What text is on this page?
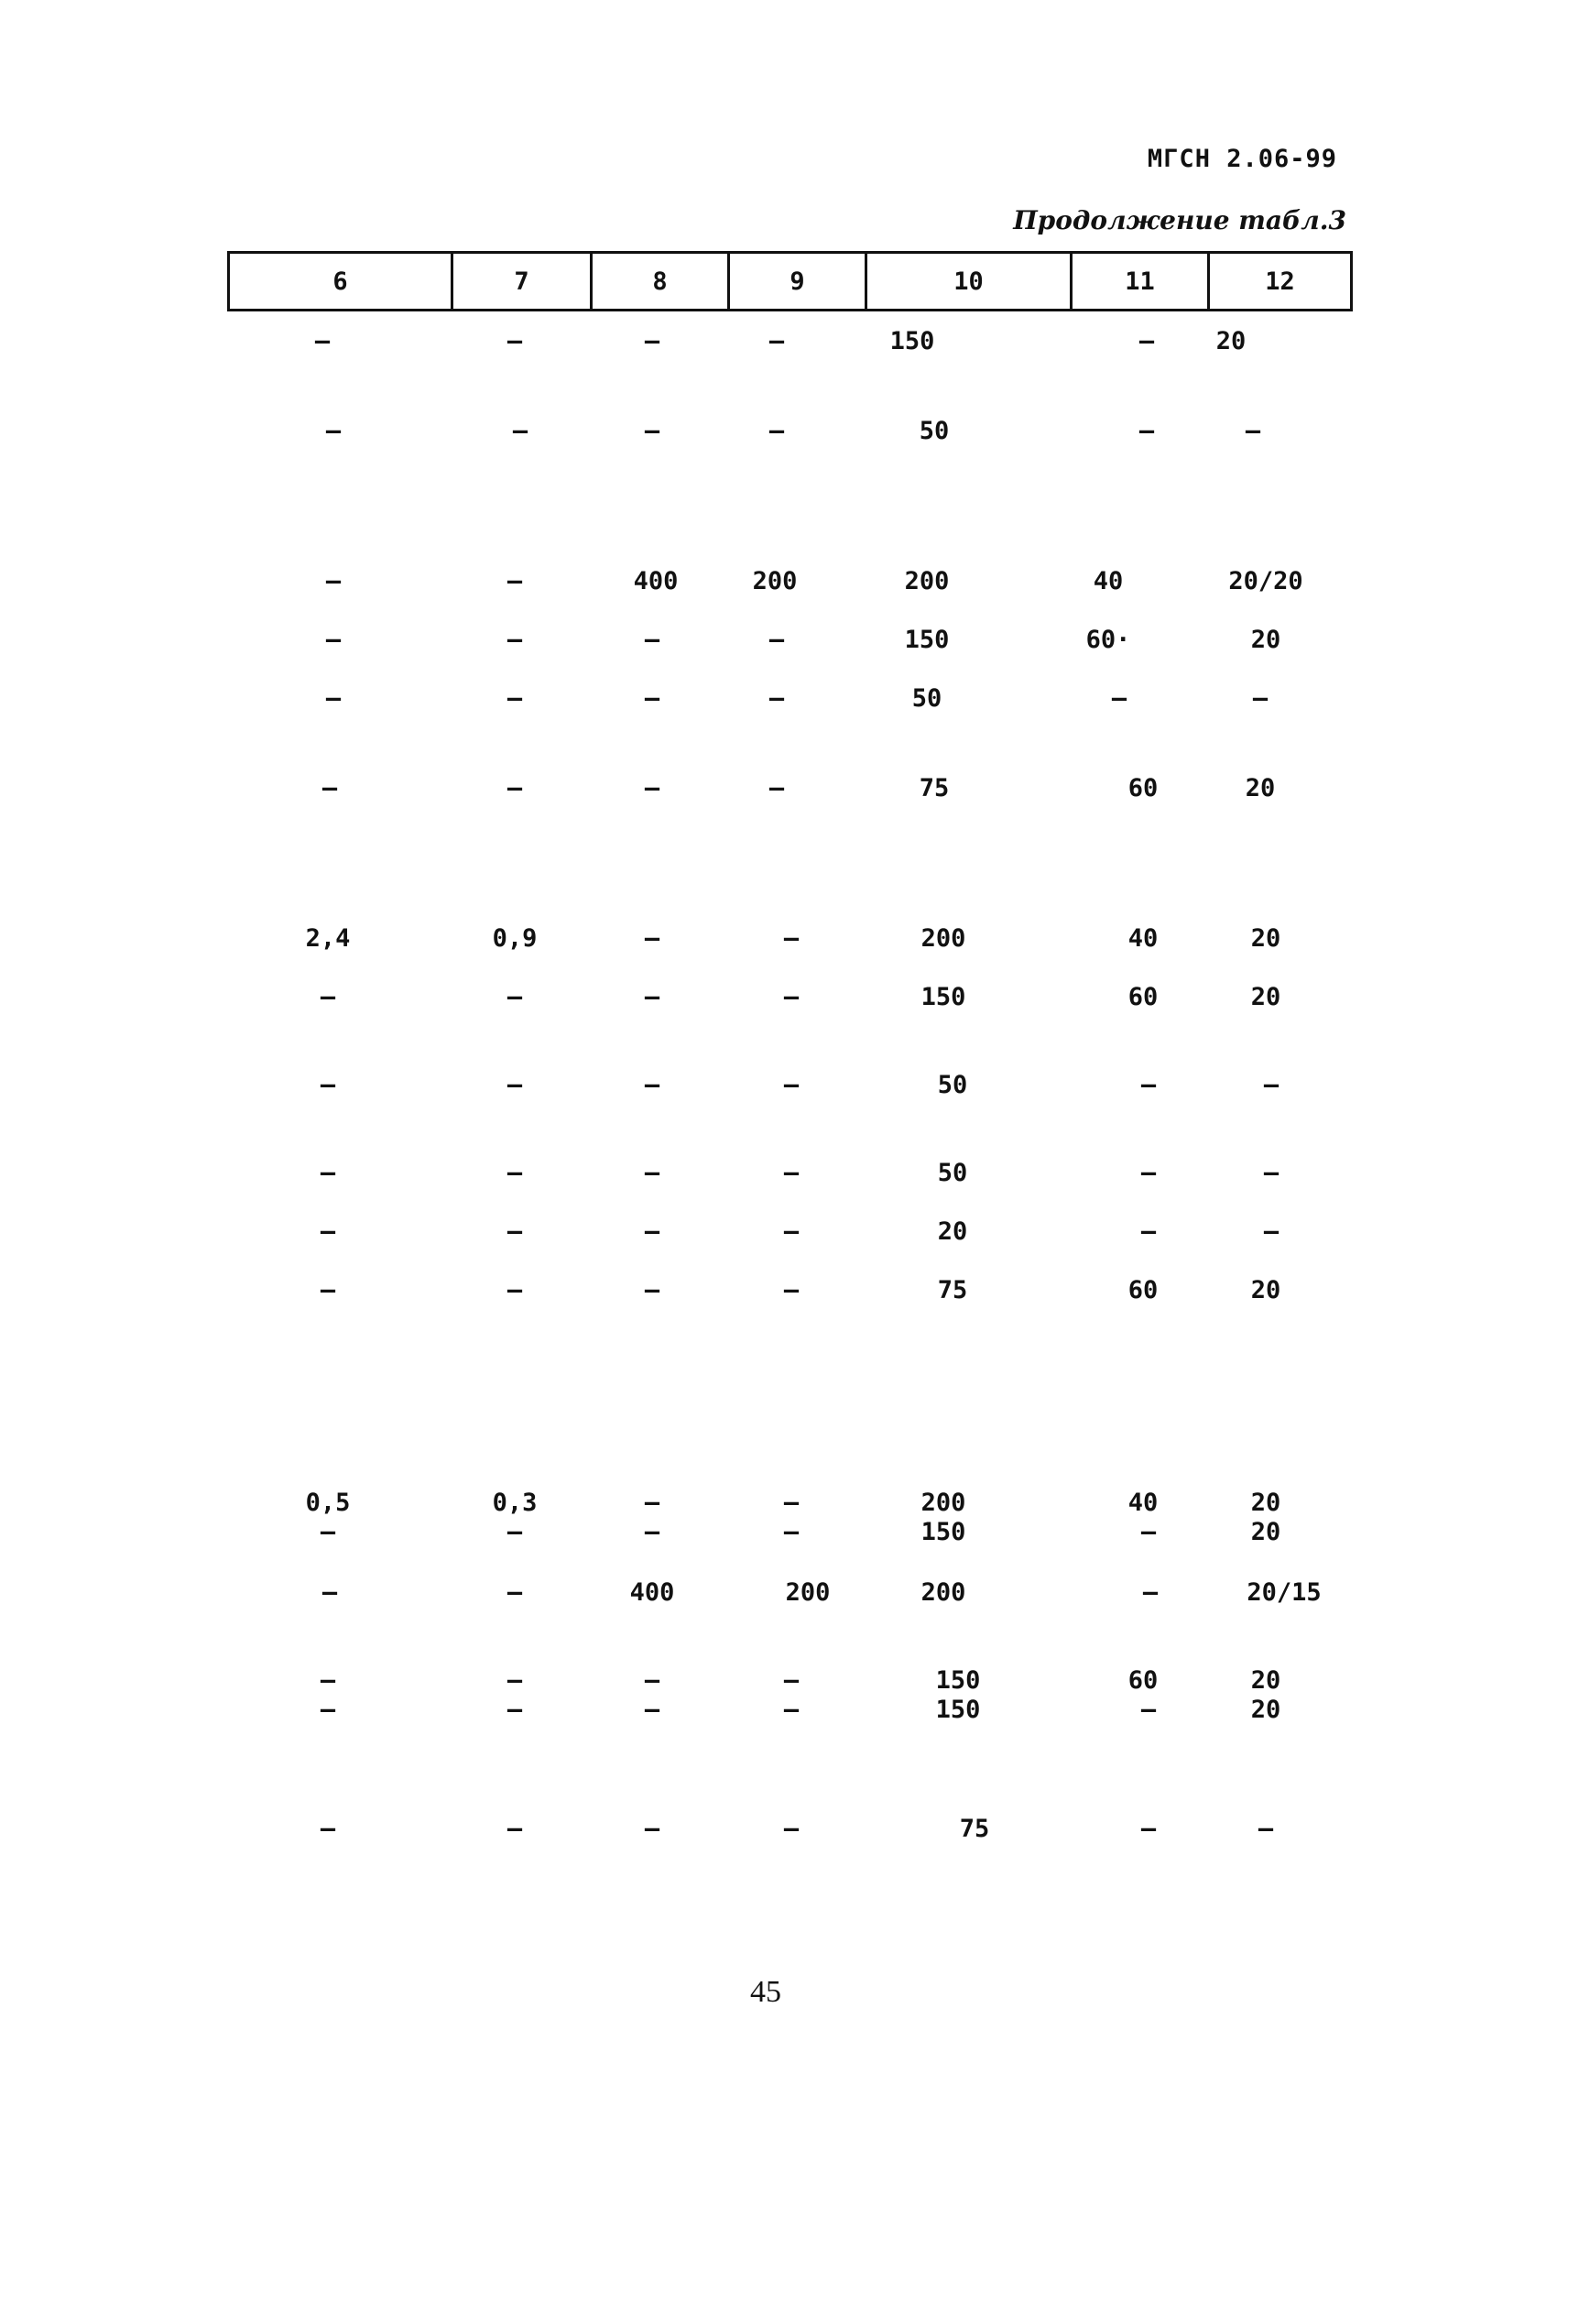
МГСН 2.06-99
Продолжение табл.3
6	7	8	9	10	11	12
–	–	–	–	150	–	20
–	–	–	–	50	–	–
–	–	400	200	200	40	20/20
–	–	–	–	150	60·	20
–	–	–	–	50	–	–
–	–	–	–	75	60	20
2,4	0,9	–	–	200	40	20
–	–	–	–	150	60	20
–	–	–	–	50	–	–
–	–	–	–	50	–	–
–	–	–	–	20	–	–
–	–	–	–	75	60	20
0,5	0,3	–	–	200	40	20
–	–	–	–	150	–	20
–	–	400	200	200	–	20/15
–	–	–	–	150	60	20
–	–	–	–	150	–	20
–	–	–	–	75	–	–
45
